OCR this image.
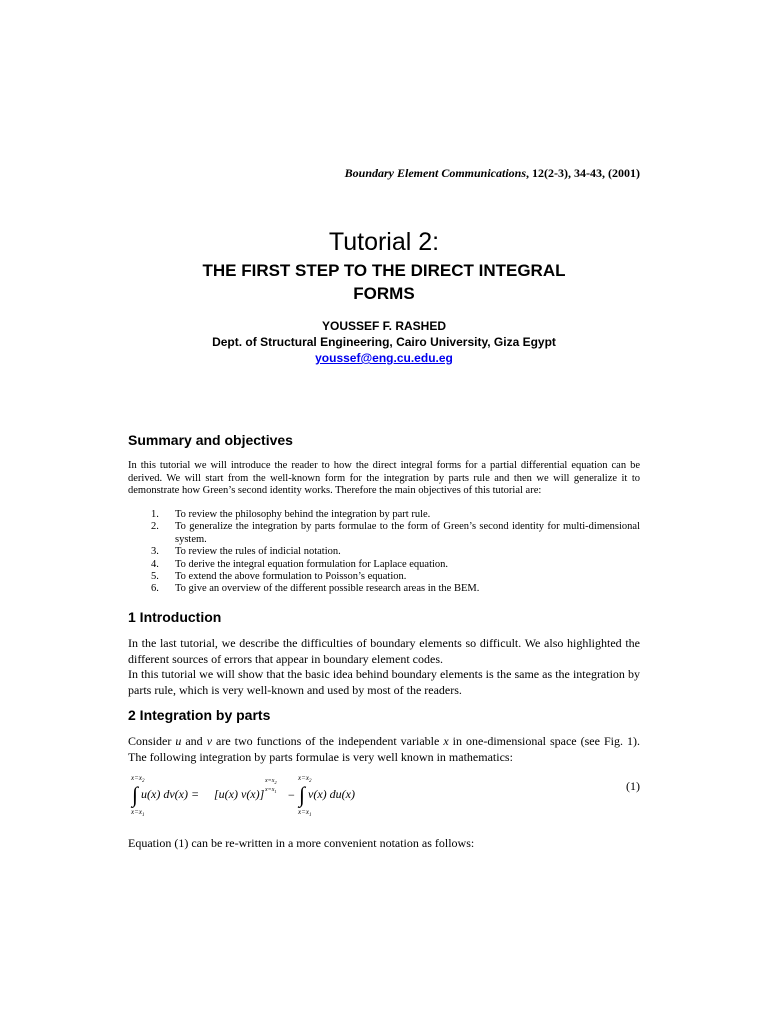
Boundary Element Communications, 12(2-3), 34-43, (2001)
Tutorial 2:
THE FIRST STEP TO THE DIRECT INTEGRAL
FORMS
YOUSSEF F. RASHED
Dept. of Structural Engineering, Cairo University, Giza Egypt
youssef@eng.cu.edu.eg
Summary and objectives
In this tutorial we will introduce the reader to how the direct integral forms for a partial differential equation can be derived. We will start from the well-known form for the integration by parts rule and then we will generalize it to demonstrate how Green’s second identity works. Therefore the main objectives of this tutorial are:
1. To review the philosophy behind the integration by part rule.
2. To generalize the integration by parts formulae to the form of Green’s second identity for multi-dimensional system.
3. To review the rules of indicial notation.
4. To derive the integral equation formulation for Laplace equation.
5. To extend the above formulation to Poisson’s equation.
6. To give an overview of the different possible research areas in the BEM.
1 Introduction

In the last tutorial, we describe the difficulties of boundary elements so difficult. We also highlighted the different sources of errors that appear in boundary element codes.

In this tutorial we will show that the basic idea behind boundary elements is the same as the integration by parts rule, which is very well-known and used by most of the readers.

2 Integration by parts
Consider u and v are two functions of the independent variable x in one-dimensional space (see Fig. 1). The following integration by parts formulae is very well known in mathematics:
$x=x_2$
$x=x_1$
$x=x_2$
$x=x_1$
$x=x_2$
$x=x_1$
∫ u(x) dv(x) = [u(x) v(x)] − ∫ v(x) du(x)
(1)
Equation (1) can be re-written in a more convenient notation as follows:
